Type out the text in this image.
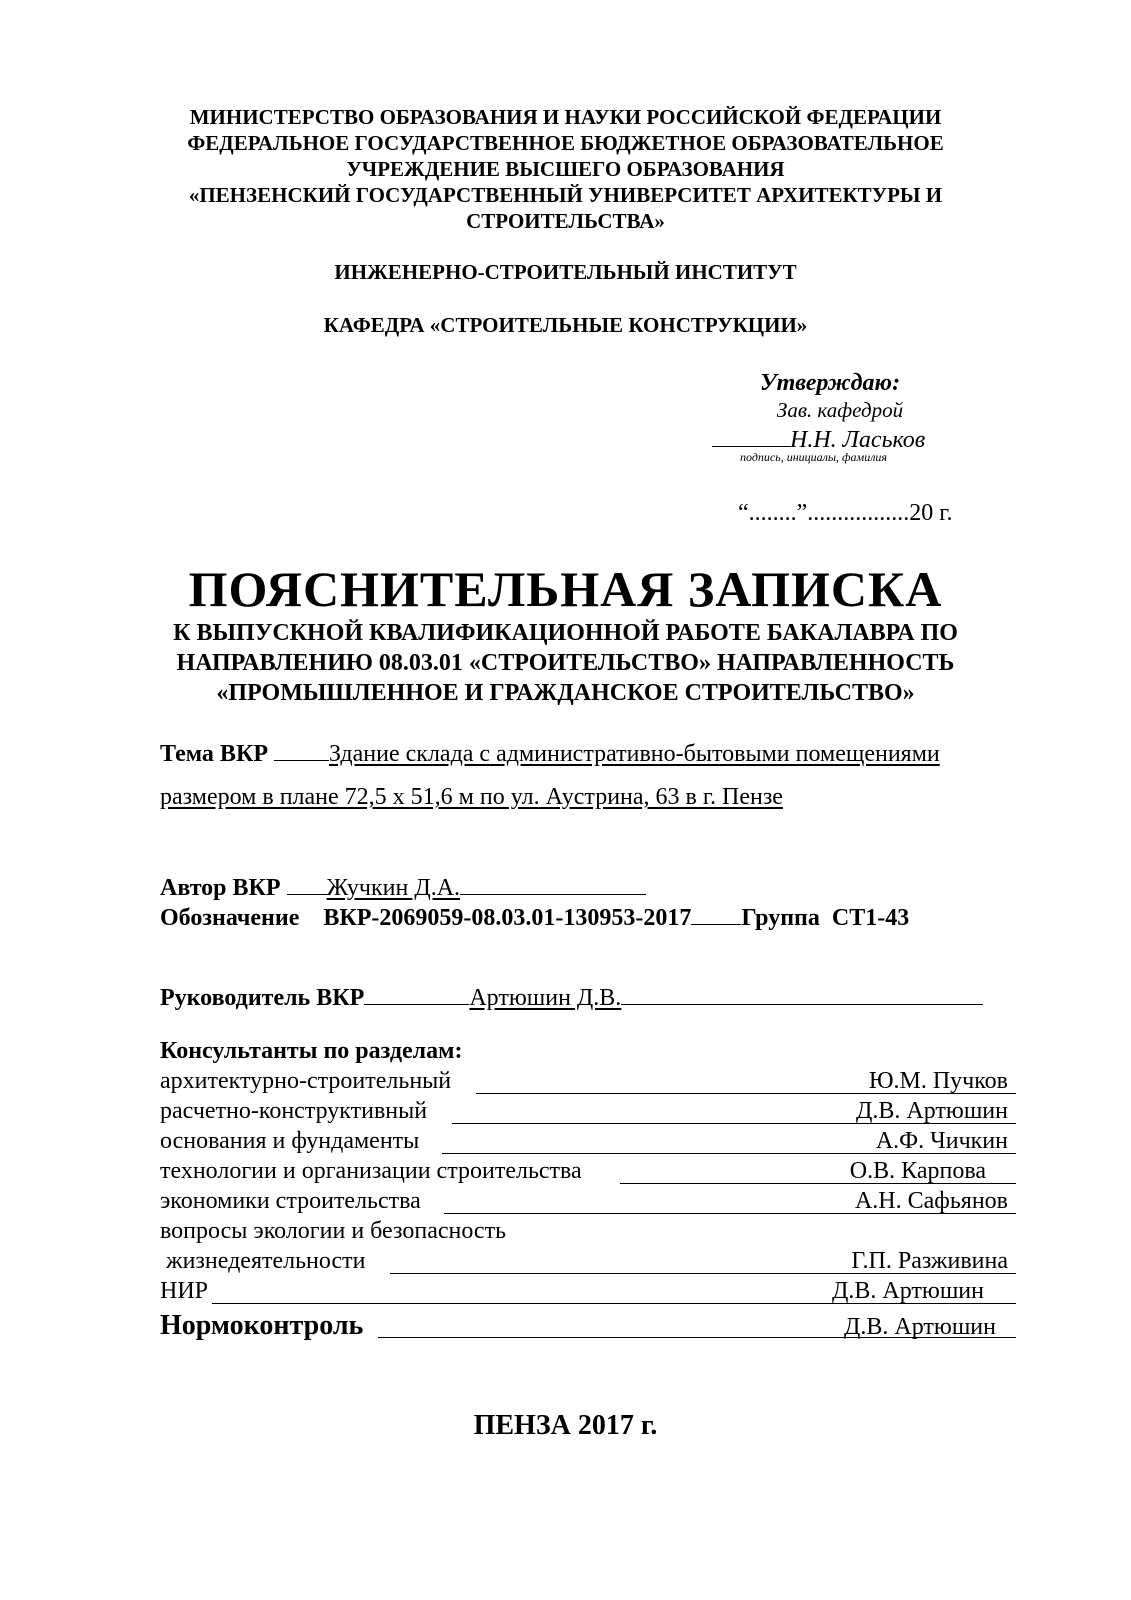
МИНИСТЕРСТВО ОБРАЗОВАНИЯ И НАУКИ РОССИЙСКОЙ ФЕДЕРАЦИИ
ФЕДЕРАЛЬНОЕ ГОСУДАРСТВЕННОЕ БЮДЖЕТНОЕ ОБРАЗОВАТЕЛЬНОЕ
УЧРЕЖДЕНИЕ ВЫСШЕГО ОБРАЗОВАНИЯ
«ПЕНЗЕНСКИЙ ГОСУДАРСТВЕННЫЙ УНИВЕРСИТЕТ АРХИТЕКТУРЫ И
СТРОИТЕЛЬСТВА»
ИНЖЕНЕРНО-СТРОИТЕЛЬНЫЙ ИНСТИТУТ
КАФЕДРА «СТРОИТЕЛЬНЫЕ КОНСТРУКЦИИ»
Утверждаю:
Зав. кафедрой
Н.Н. Ласьков
подпись, инициалы, фамилия
“........”.................20 г.
ПОЯСНИТЕЛЬНАЯ ЗАПИСКА
К ВЫПУСКНОЙ КВАЛИФИКАЦИОННОЙ РАБОТЕ БАКАЛАВРА ПО
НАПРАВЛЕНИЮ 08.03.01 «СТРОИТЕЛЬСТВО» НАПРАВЛЕННОСТЬ
«ПРОМЫШЛЕННОЕ И ГРАЖДАНСКОЕ СТРОИТЕЛЬСТВО»
Тема ВКР	Здание склада с административно-бытовыми помещениями
размером в плане 72,5 х 51,6 м по ул. Аустрина, 63 в г. Пензе
Автор ВКР Жучкин Д.А.
Обозначение ВКР-2069059-08.03.01-130953-2017 Группа СТ1-43
Руководитель ВКР	Артюшин Д.В.
Консультанты по разделам:
архитектурно-строительный	Ю.М. Пучков
расчетно-конструктивный	Д.В. Артюшин
основания и фундаменты	А.Ф. Чичкин
технологии и организации строительства	О.В. Карпова
экономики строительства	А.Н. Сафьянов
вопросы экологии и безопасность
жизнедеятельности	Г.П. Разживина
НИР	Д.В. Артюшин
Нормоконтроль	Д.В. Артюшин
ПЕНЗА 2017 г.
